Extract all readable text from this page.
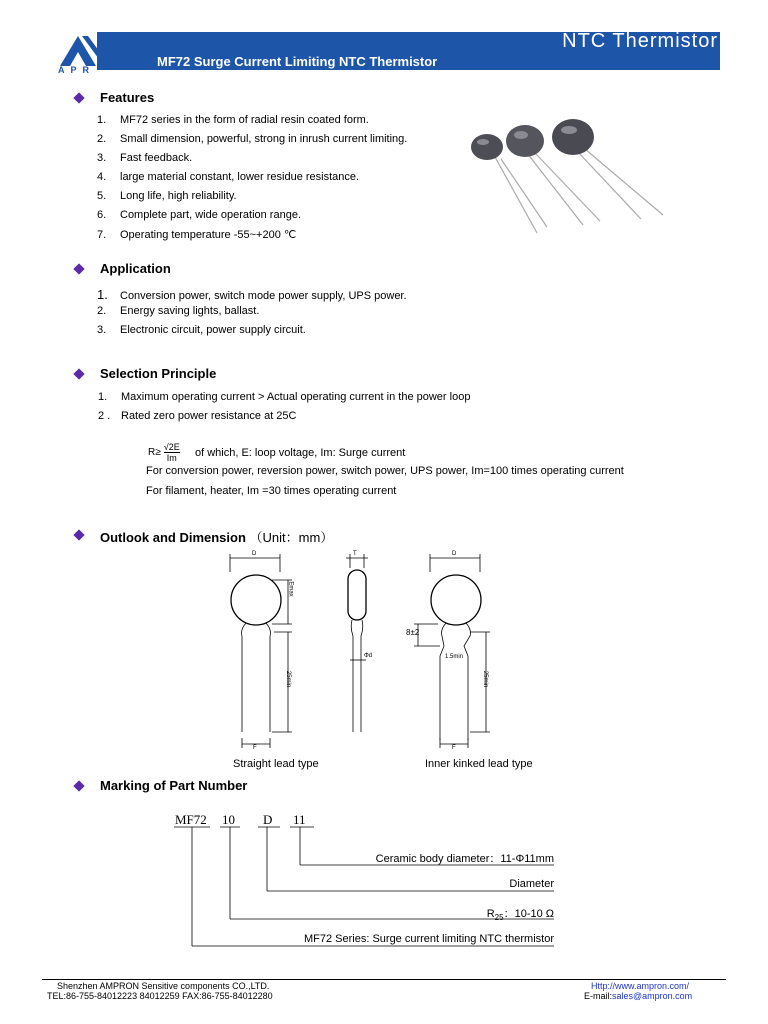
NTC Thermistor
MF72 Surge Current Limiting NTC Thermistor
APR
Features
1. MF72 series in the form of radial resin coated form.
2. Small dimension, powerful, strong in inrush current limiting.
3. Fast feedback.
4. large material constant, lower residue resistance.
5. Long life, high reliability.
6. Complete part, wide operation range.
7. Operating temperature -55~+200 ℃
Application
1. Conversion power, switch mode power supply, UPS power.
2. Energy saving lights, ballast.
3. Electronic circuit, power supply circuit.
Selection Principle
1. Maximum operating current > Actual operating current in the power loop
2 . Rated zero power resistance at 25C
$R\ge \frac{√2E}{Im}$ of which, E: loop voltage, Im: Surge current
For conversion power, reversion power, switch power, UPS power, Im=100 times operating current
For filament, heater, Im =30 times operating current
Outlook and Dimension （Unit：mm）
D
Emax
25min
F
T
Φd
D
8±2
1.5min
25min
F
Straight lead type	Inner kinked lead type
Marking of Part Number
MF72 10 D 11
Ceramic body diameter：11-Φ11mm
Diameter
$R_{25}$：10-10 Ω
MF72 Series: Surge current limiting NTC thermistor
Shenzhen AMPRON Sensitive components CO.,LTD.
TEL:86-755-84012223 84012259 FAX:86-755-84012280
Http://www.ampron.com/
E-mail:sales@ampron.com
